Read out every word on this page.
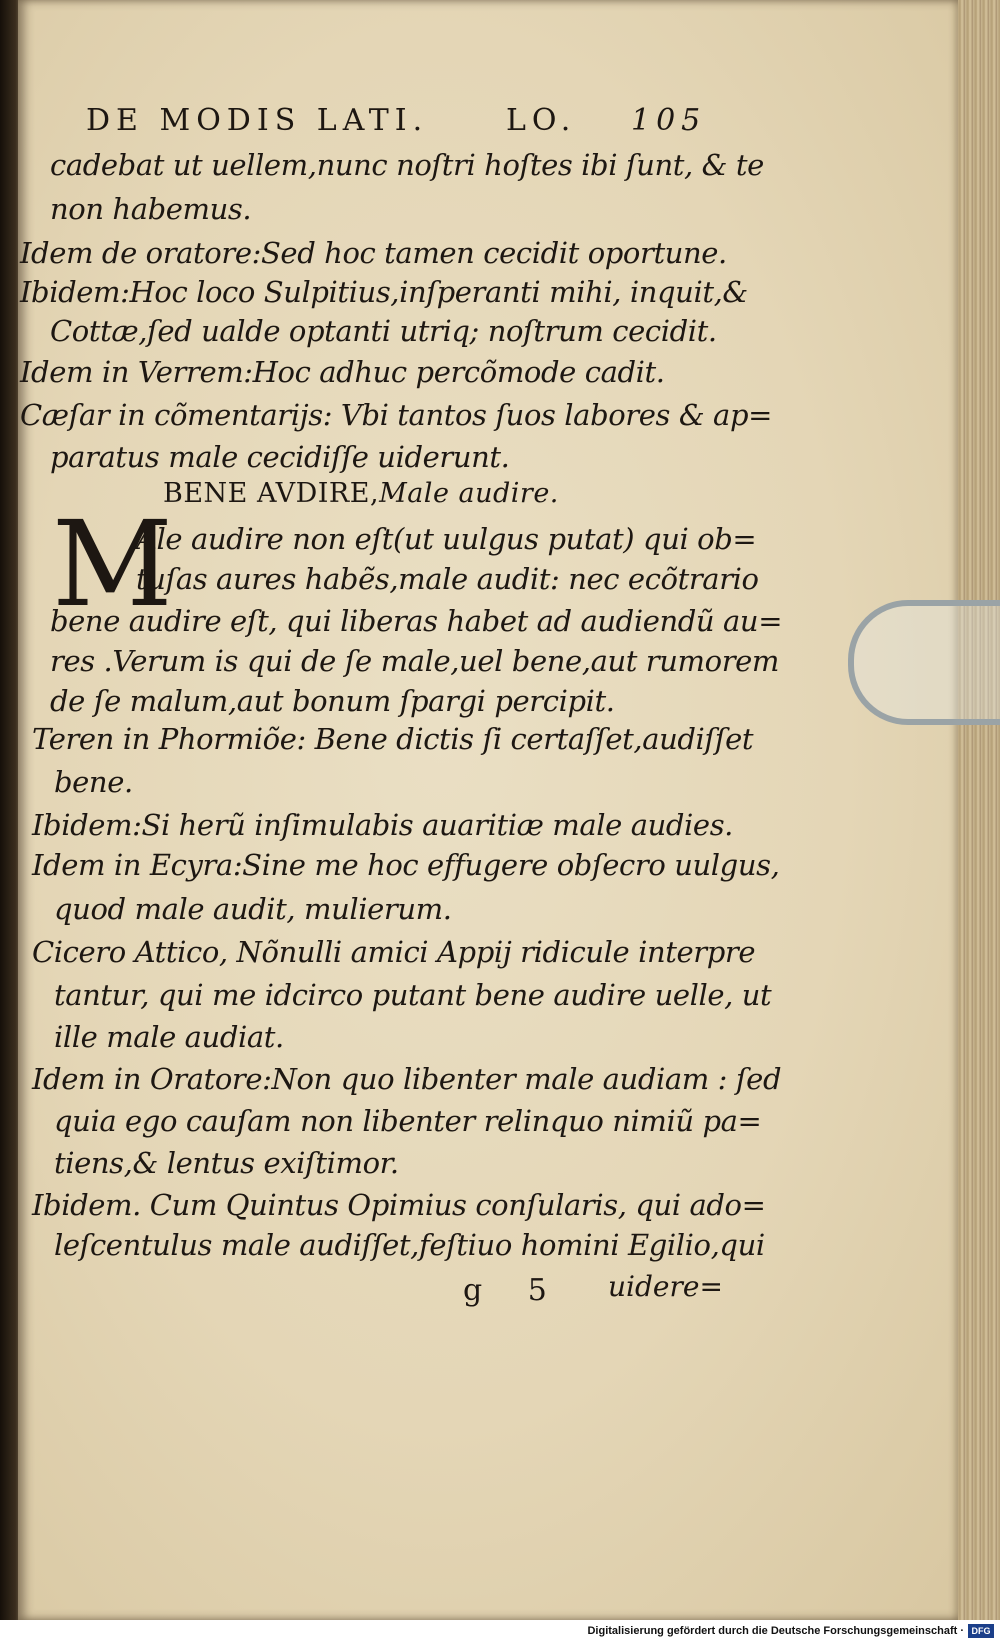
DE MODIS LATI.	LO. 105
cadebat ut uellem,nunc noſtri hoſtes ibi ſunt, & te
non habemus.
Idem de oratore:Sed hoc tamen cecidit oportune.
Ibidem:Hoc loco Sulpitius,inſperanti mihi, inquit,&
Cottæ,ſed ualde optanti utriq; noſtrum cecidit.
Idem in Verrem:Hoc adhuc percõmode cadit.
Cæſar in cõmentarijs: Vbi tantos ſuos labores & ap=
paratus male cecidiſſe uiderunt.
BENE AVDIRE,Male audire.
M
Ale audire non eſt(ut uulgus putat) qui ob=
tuſas aures habẽs,male audit: nec ecõtrario
bene audire eſt, qui liberas habet ad audiendũ au=
res .Verum is qui de ſe male,uel bene,aut rumorem
de ſe malum,aut bonum ſpargi percipit.
Teren in Phormiõe: Bene dictis ſi certaſſet,audiſſet
bene.
Ibidem:Si herũ inſimulabis auaritiæ male audies.
Idem in Ecyra:Sine me hoc effugere obſecro uulgus,
quod male audit, mulierum.
Cicero Attico, Nõnulli amici Appij ridicule interpre
tantur, qui me idcirco putant bene audire uelle, ut
ille male audiat.
Idem in Oratore:Non quo libenter male audiam : ſed
quia ego cauſam non libenter relinquo nimiũ pa=
tiens,& lentus exiſtimor.
Ibidem. Cum Quintus Opimius conſularis, qui ado=
leſcentulus male audiſſet,feſtiuo homini Egilio,qui
g 5 uidere=
Digitalisierung gefördert durch die Deutsche Forschungsgemeinschaft · DFG
